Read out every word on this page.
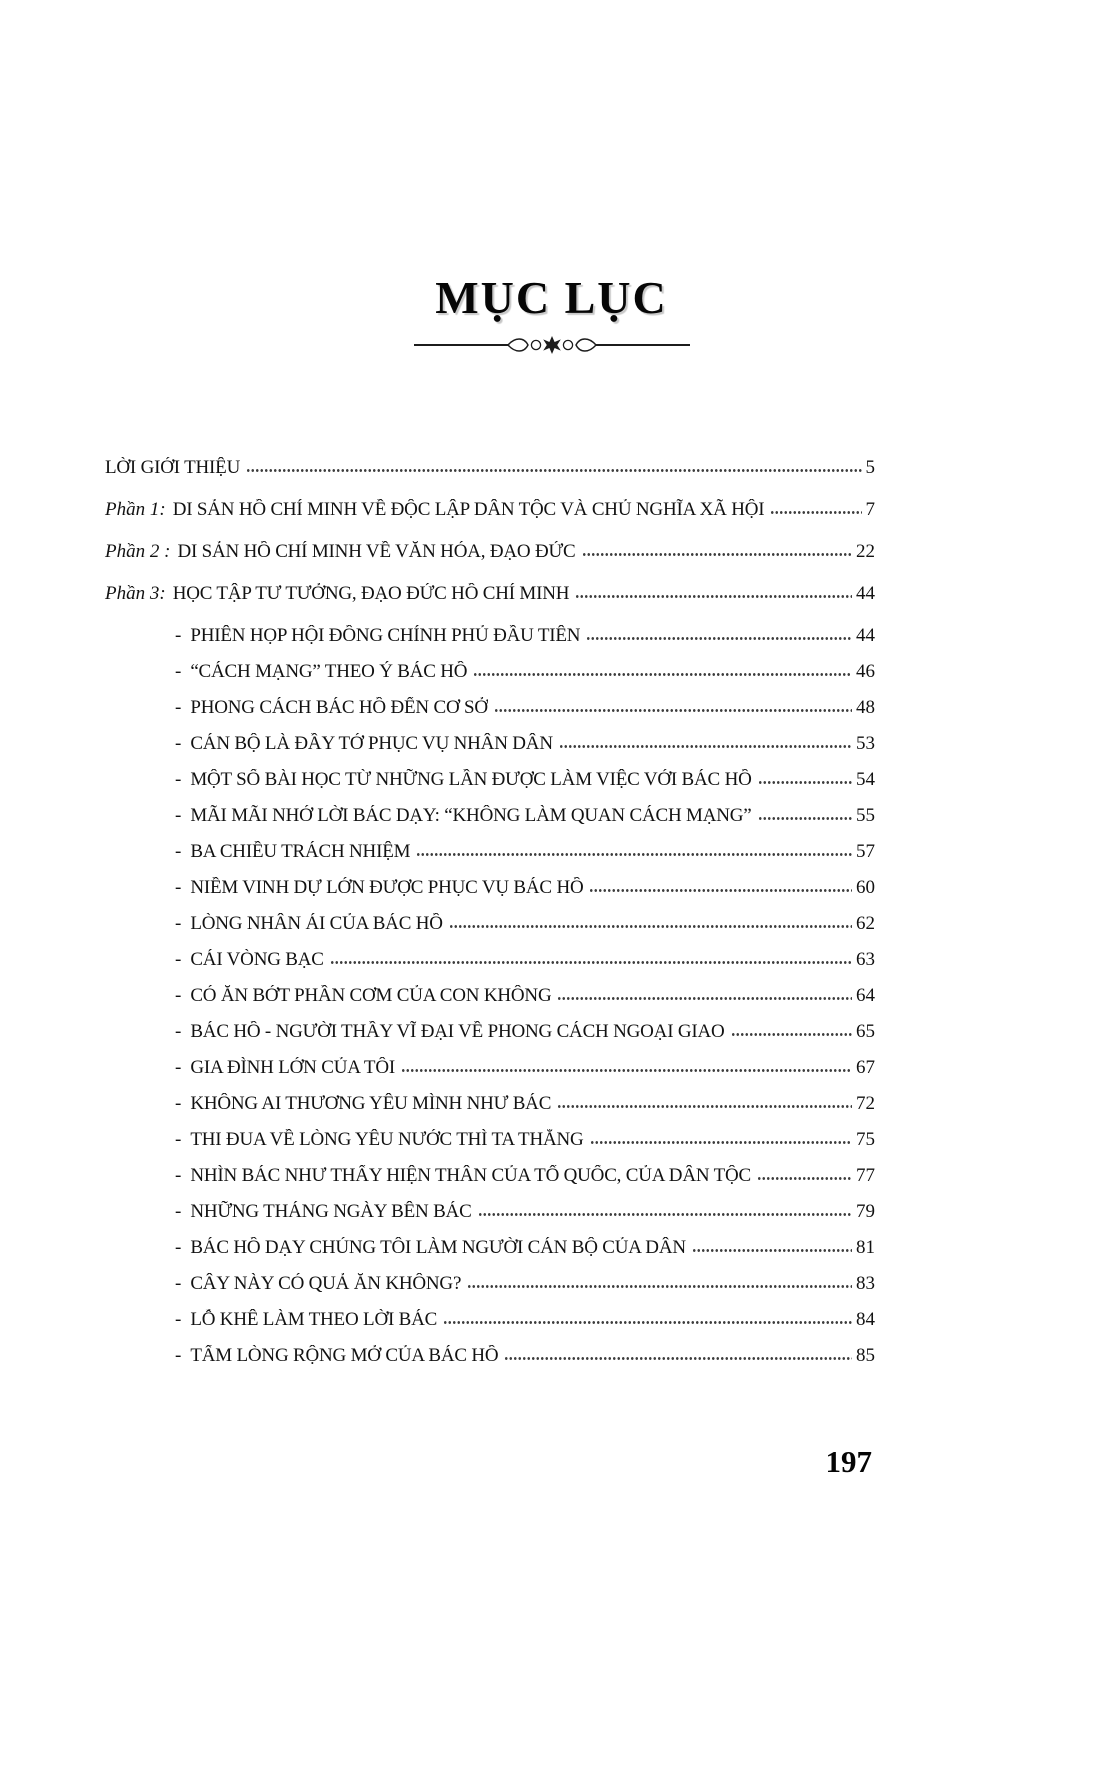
MỤC LỤC
LỜI GIỚI THIỆU	5
Phần 1: DI SẢN HỒ CHÍ MINH VỀ ĐỘC LẬP DÂN TỘC VÀ CHỦ NGHĨA XÃ HỘI	7
Phần 2 : DI SẢN HỒ CHÍ MINH VỀ VĂN HÓA, ĐẠO ĐỨC	22
Phần 3: HỌC TẬP TƯ TƯỞNG, ĐẠO ĐỨC HỒ CHÍ MINH	44
- PHIÊN HỌP HỘI ĐỒNG CHÍNH PHỦ ĐẦU TIÊN	44
- “CÁCH MẠNG” THEO Ý BÁC HỒ	46
- PHONG CÁCH BÁC HỒ ĐẾN CƠ SỞ	48
- CÁN BỘ LÀ ĐẦY TỚ PHỤC VỤ NHÂN DÂN	53
- MỘT SỐ BÀI HỌC TỪ NHỮNG LẦN ĐƯỢC LÀM VIỆC VỚI BÁC HỒ	54
- MÃI MÃI NHỚ LỜI BÁC DẠY: “KHÔNG LÀM QUAN CÁCH MẠNG”	55
- BA CHIỀU TRÁCH NHIỆM	57
- NIỀM VINH DỰ LỚN ĐƯỢC PHỤC VỤ BÁC HỒ	60
- LÒNG NHÂN ÁI CỦA BÁC HỒ	62
- CÁI VÒNG BẠC	63
- CÓ ĂN BỚT PHẦN CƠM CỦA CON KHÔNG	64
- BÁC HỒ - NGƯỜI THẦY VĨ ĐẠI VỀ PHONG CÁCH NGOẠI GIAO	65
- GIA ĐÌNH LỚN CỦA TÔI	67
- KHÔNG AI THƯƠNG YÊU MÌNH NHƯ BÁC	72
- THI ĐUA VỀ LÒNG YÊU NƯỚC THÌ TA THẮNG	75
- NHÌN BÁC NHƯ THẤY HIỆN THÂN CỦA TỔ QUỐC, CỦA DÂN TỘC	77
- NHỮNG THÁNG NGÀY BÊN BÁC	79
- BÁC HỒ DẠY CHÚNG TÔI LÀM NGƯỜI CÁN BỘ CỦA DÂN	81
- CÂY NÀY CÓ QUẢ ĂN KHÔNG?	83
- LỖ KHÊ LÀM THEO LỜI BÁC	84
- TẤM LÒNG RỘNG MỞ CỦA BÁC HỒ	85
197
